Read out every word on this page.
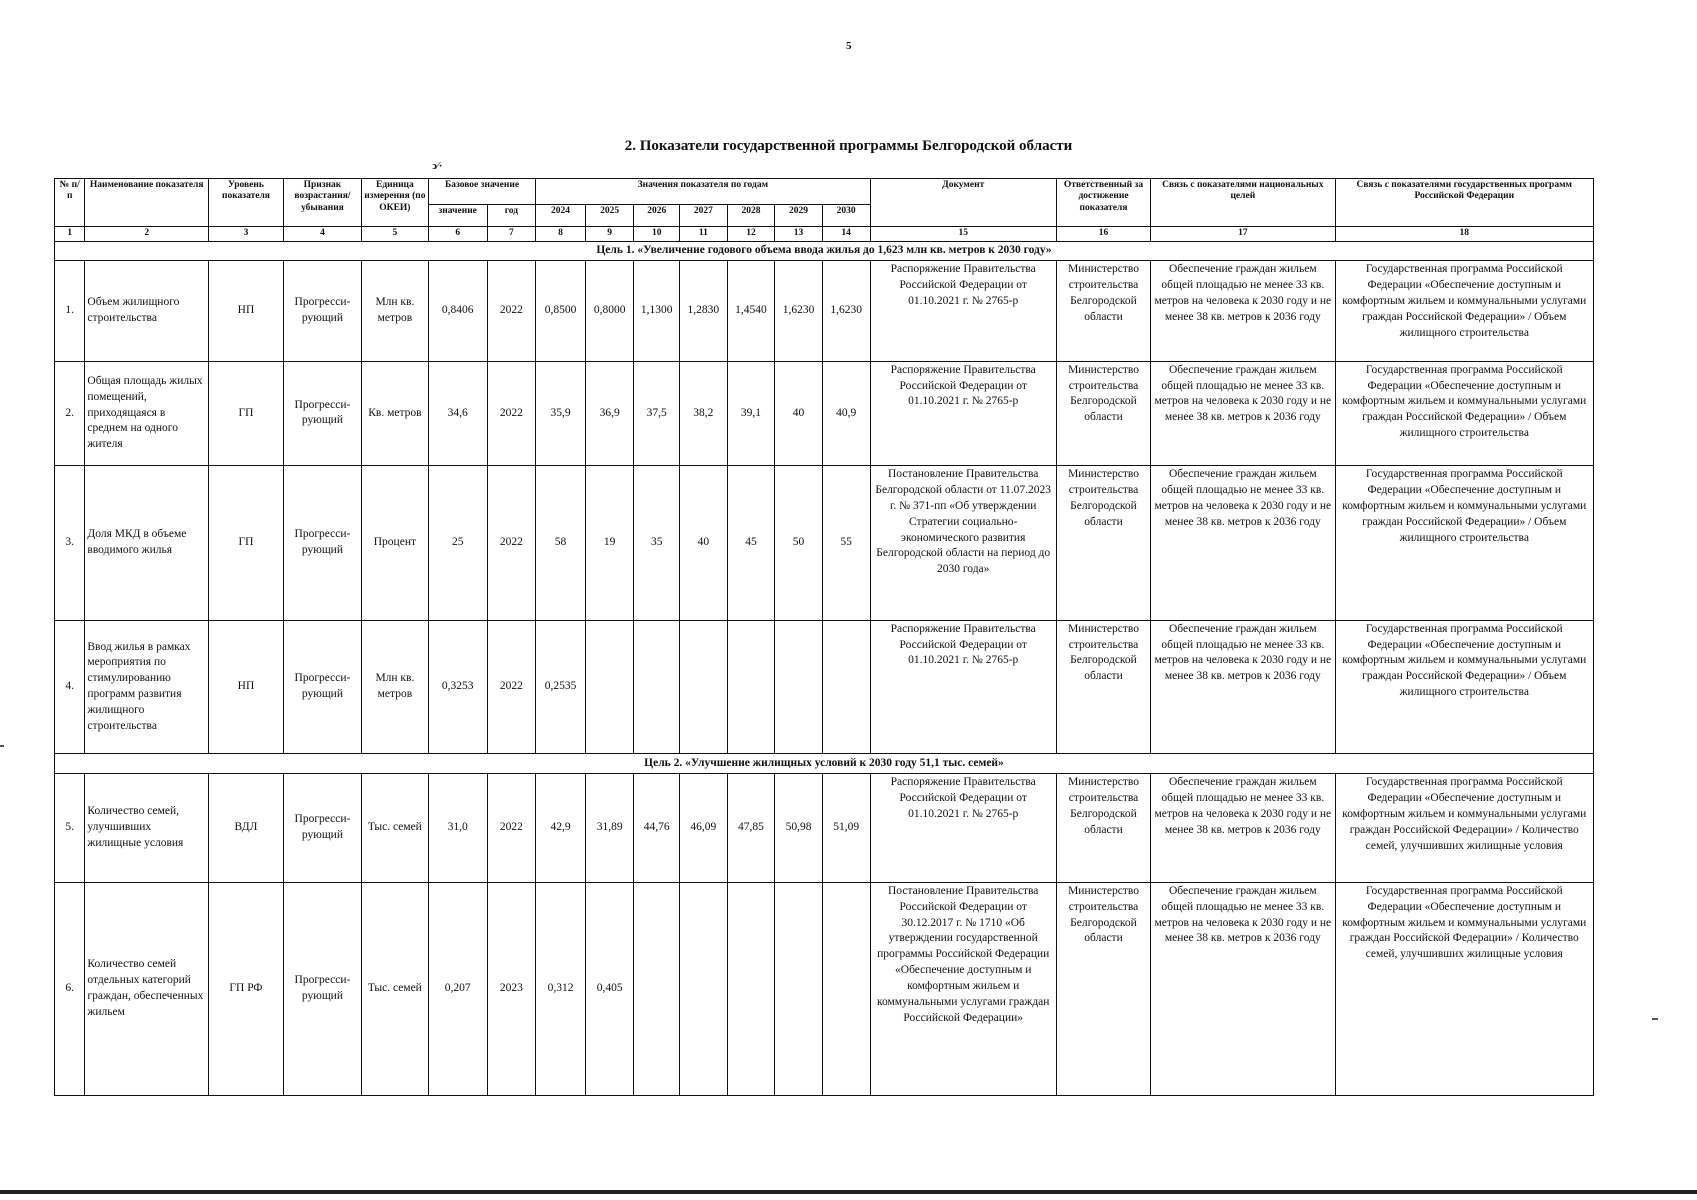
5
2. Показатели государственной программы Белгородской области
ↄ⁄·
№ п/п	Наименование показателя	Уровень показателя	Признак возрастания/ убывания	Единица измерения (по ОКЕИ)	Базовое значение		Значения показателя по годам							Документ	Ответственный за достижение показателя	Связь с показателями национальных целей	Связь с показателями государственных программ Российской Федерации
					значение	год	2024	2025	2026	2027	2028	2029	2030				
1	2	3	4	5	6	7	8	9	10	11	12	13	14	15	16	17	18
Цель 1. «Увеличение годового объема ввода жилья до 1,623 млн кв. метров к 2030 году»																	
1.	Объем жилищного строительства	НП	Прогресси-рующий	Млн кв. метров	0,8406	2022	0,8500	0,8000	1,1300	1,2830	1,4540	1,6230	1,6230	Распоряжение Правительства Российской Федерации от 01.10.2021 г. № 2765-р	Министерство строительства Белгородской области	Обеспечение граждан жильем общей площадью не менее 33 кв. метров на человека к 2030 году и не менее 38 кв. метров к 2036 году	Государственная программа Российской Федерации «Обеспечение доступным и комфортным жильем и коммунальными услугами граждан Российской Федерации» / Объем жилищного строительства
2.	Общая площадь жилых помещений, приходящаяся в среднем на одного жителя	ГП	Прогресси-рующий	Кв. метров	34,6	2022	35,9	36,9	37,5	38,2	39,1	40	40,9	Распоряжение Правительства Российской Федерации от 01.10.2021 г. № 2765-р	Министерство строительства Белгородской области	Обеспечение граждан жильем общей площадью не менее 33 кв. метров на человека к 2030 году и не менее 38 кв. метров к 2036 году	Государственная программа Российской Федерации «Обеспечение доступным и комфортным жильем и коммунальными услугами граждан Российской Федерации» / Объем жилищного строительства
3.	Доля МКД в объеме вводимого жилья	ГП	Прогресси-рующий	Процент	25	2022	58	19	35	40	45	50	55	Постановление Правительства Белгородской области от 11.07.2023 г. № 371-пп «Об утверждении Стратегии социально-экономического развития Белгородской области на период до 2030 года»	Министерство строительства Белгородской области	Обеспечение граждан жильем общей площадью не менее 33 кв. метров на человека к 2030 году и не менее 38 кв. метров к 2036 году	Государственная программа Российской Федерации «Обеспечение доступным и комфортным жильем и коммунальными услугами граждан Российской Федерации» / Объем жилищного строительства
4.	Ввод жилья в рамках мероприятия по стимулированию программ развития жилищного строительства	НП	Прогресси-рующий	Млн кв. метров	0,3253	2022	0,2535							Распоряжение Правительства Российской Федерации от 01.10.2021 г. № 2765-р	Министерство строительства Белгородской области	Обеспечение граждан жильем общей площадью не менее 33 кв. метров на человека к 2030 году и не менее 38 кв. метров к 2036 году	Государственная программа Российской Федерации «Обеспечение доступным и комфортным жильем и коммунальными услугами граждан Российской Федерации» / Объем жилищного строительства
Цель 2. «Улучшение жилищных условий к 2030 году 51,1 тыс. семей»																	
5.	Количество семей, улучшивших жилищные условия	ВДЛ	Прогресси-рующий	Тыс. семей	31,0	2022	42,9	31,89	44,76	46,09	47,85	50,98	51,09	Распоряжение Правительства Российской Федерации от 01.10.2021 г. № 2765-р	Министерство строительства Белгородской области	Обеспечение граждан жильем общей площадью не менее 33 кв. метров на человека к 2030 году и не менее 38 кв. метров к 2036 году	Государственная программа Российской Федерации «Обеспечение доступным и комфортным жильем и коммунальными услугами граждан Российской Федерации» / Количество семей, улучшивших жилищные условия
6.	Количество семей отдельных категорий граждан, обеспеченных жильем	ГП РФ	Прогресси-рующий	Тыс. семей	0,207	2023	0,312	0,405						Постановление Правительства Российской Федерации от 30.12.2017 г. № 1710 «Об утверждении государственной программы Российской Федерации «Обеспечение доступным и комфортным жильем и коммунальными услугами граждан Российской Федерации»	Министерство строительства Белгородской области	Обеспечение граждан жильем общей площадью не менее 33 кв. метров на человека к 2030 году и не менее 38 кв. метров к 2036 году	Государственная программа Российской Федерации «Обеспечение доступным и комфортным жильем и коммунальными услугами граждан Российской Федерации» / Количество семей, улучшивших жилищные условия
